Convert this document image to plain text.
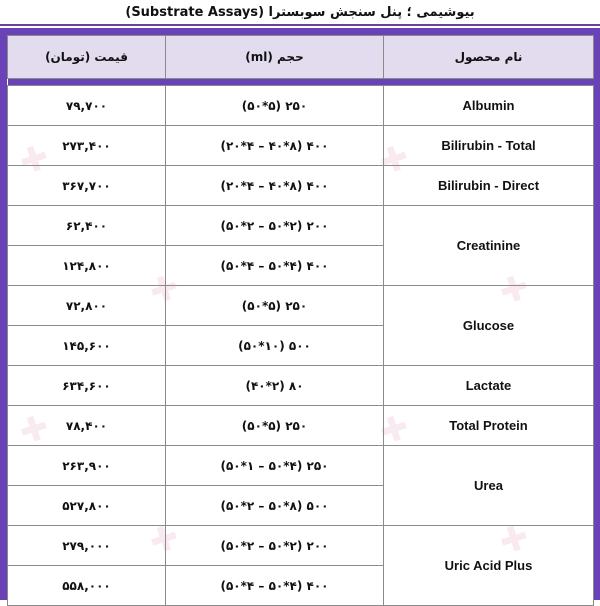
بیوشیمی ؛ پنل سنجش سوبسترا (Substrate Assays)
نام محصول	حجم (ml)	قیمت (تومان)

Albumin	۲۵۰ (۵*۵۰)	۷۹,۷۰۰
Bilirubin - Total	۴۰۰ (۸*۴۰ – ۴*۲۰)	۲۷۳,۴۰۰
Bilirubin - Direct	۴۰۰ (۸*۴۰ – ۴*۲۰)	۳۶۷,۷۰۰
Creatinine	۲۰۰ (۲*۵۰ – ۲*۵۰)	۶۲,۴۰۰
	۴۰۰ (۴*۵۰ – ۴*۵۰)	۱۲۴,۸۰۰
Glucose	۲۵۰ (۵*۵۰)	۷۲,۸۰۰
	۵۰۰ (۱۰*۵۰)	۱۴۵,۶۰۰
Lactate	۸۰ (۲*۴۰)	۶۳۴,۶۰۰
Total Protein	۲۵۰ (۵*۵۰)	۷۸,۴۰۰
Urea	۲۵۰ (۴*۵۰ – ۱*۵۰)	۲۶۳,۹۰۰
	۵۰۰ (۸*۵۰ – ۲*۵۰)	۵۲۷,۸۰۰
Uric Acid Plus	۲۰۰ (۲*۵۰ – ۲*۵۰)	۲۷۹,۰۰۰
	۴۰۰ (۴*۵۰ – ۴*۵۰)	۵۵۸,۰۰۰
